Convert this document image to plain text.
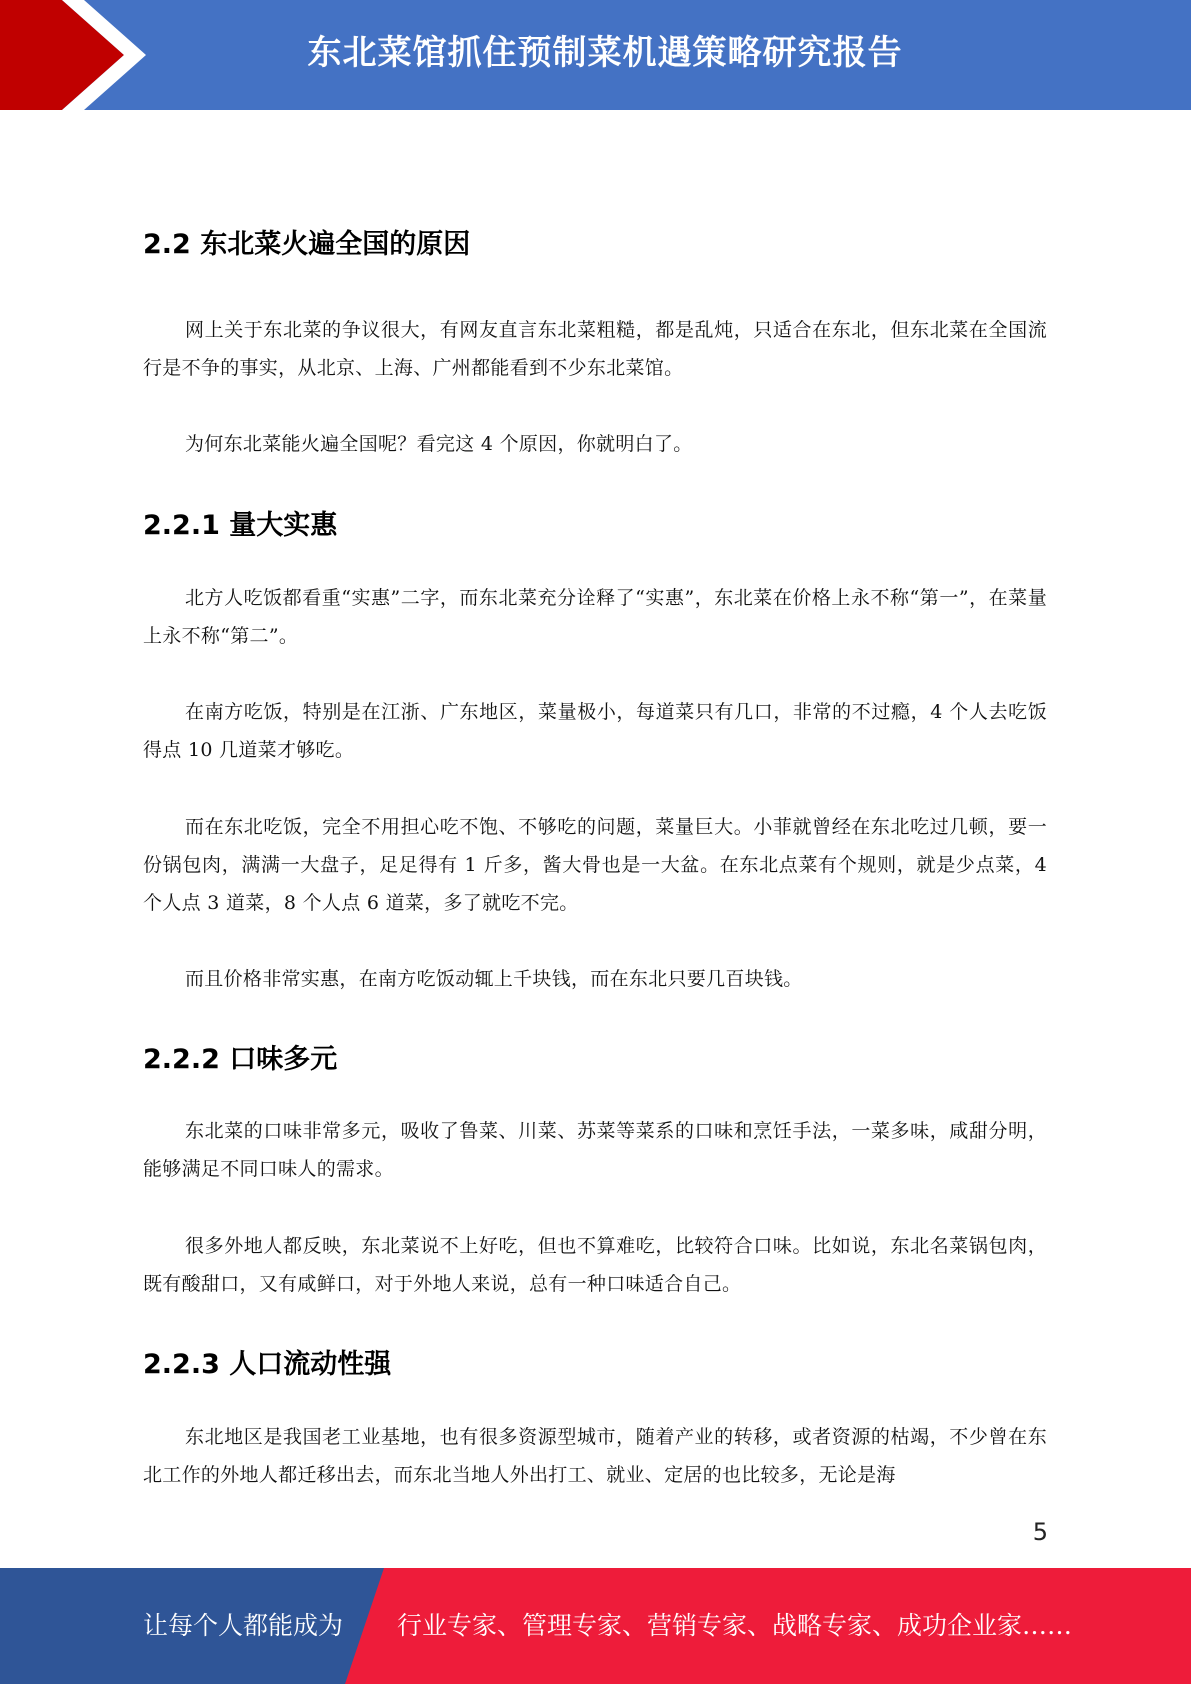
东北菜馆抓住预制菜机遇策略研究报告
2.2 东北菜火遍全国的原因

网上关于东北菜的争议很大，有网友直言东北菜粗糙，都是乱炖，只适合在东北，但东北菜在全国流行是不争的事实，从北京、上海、广州都能看到不少东北菜馆。

为何东北菜能火遍全国呢？看完这 4 个原因，你就明白了。

2.2.1 量大实惠

北方人吃饭都看重“实惠”二字，而东北菜充分诠释了“实惠”，东北菜在价格上永不称“第一”，在菜量上永不称“第二”。

在南方吃饭，特别是在江浙、广东地区，菜量极小，每道菜只有几口，非常的不过瘾，4 个人去吃饭得点 10 几道菜才够吃。

而在东北吃饭，完全不用担心吃不饱、不够吃的问题，菜量巨大。小菲就曾经在东北吃过几顿，要一份锅包肉，满满一大盘子，足足得有 1 斤多，酱大骨也是一大盆。在东北点菜有个规则，就是少点菜，4 个人点 3 道菜，8 个人点 6 道菜，多了就吃不完。

而且价格非常实惠，在南方吃饭动辄上千块钱，而在东北只要几百块钱。

2.2.2 口味多元

东北菜的口味非常多元，吸收了鲁菜、川菜、苏菜等菜系的口味和烹饪手法，一菜多味，咸甜分明，能够满足不同口味人的需求。

很多外地人都反映，东北菜说不上好吃，但也不算难吃，比较符合口味。比如说，东北名菜锅包肉，既有酸甜口，又有咸鲜口，对于外地人来说，总有一种口味适合自己。

2.2.3 人口流动性强

东北地区是我国老工业基地，也有很多资源型城市，随着产业的转移，或者资源的枯竭，不少曾在东北工作的外地人都迁移出去，而东北当地人外出打工、就业、定居的也比较多，无论是海

5
让每个人都能成为 行业专家、管理专家、营销专家、战略专家、成功企业家……
